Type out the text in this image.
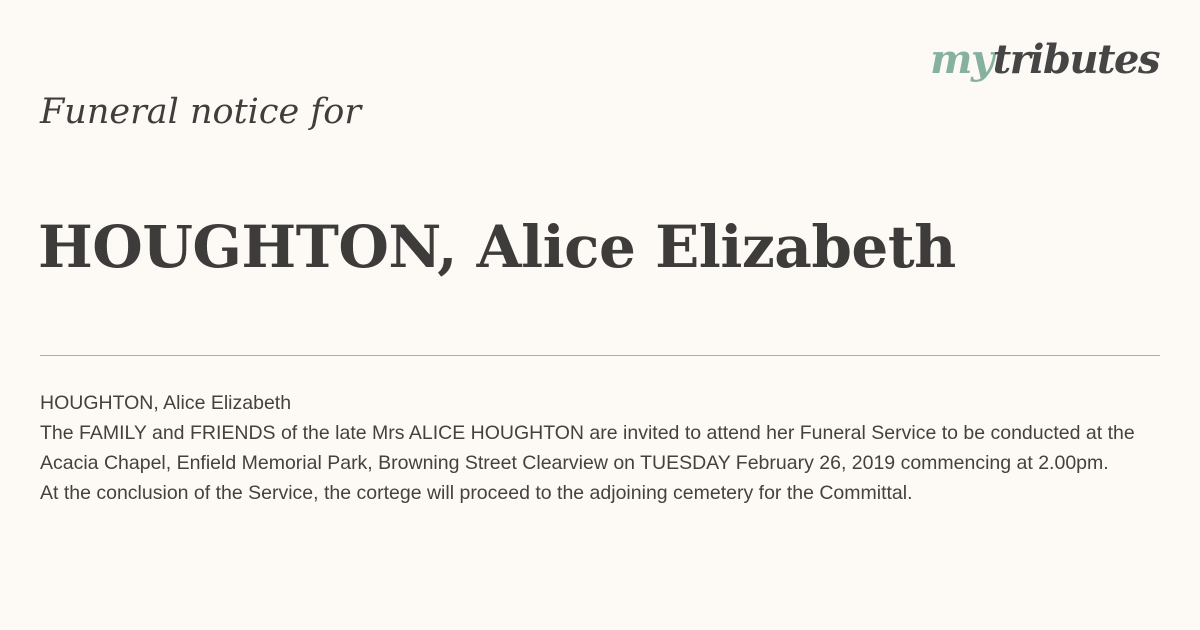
mytributes
Funeral notice for
HOUGHTON, Alice Elizabeth

HOUGHTON, Alice Elizabeth

The FAMILY and FRIENDS of the late Mrs ALICE HOUGHTON are invited to attend her Funeral Service to be conducted at the Acacia Chapel, Enfield Memorial Park, Browning Street Clearview on TUESDAY February 26, 2019 commencing at 2.00pm.

At the conclusion of the Service, the cortege will proceed to the adjoining cemetery for the Committal.
